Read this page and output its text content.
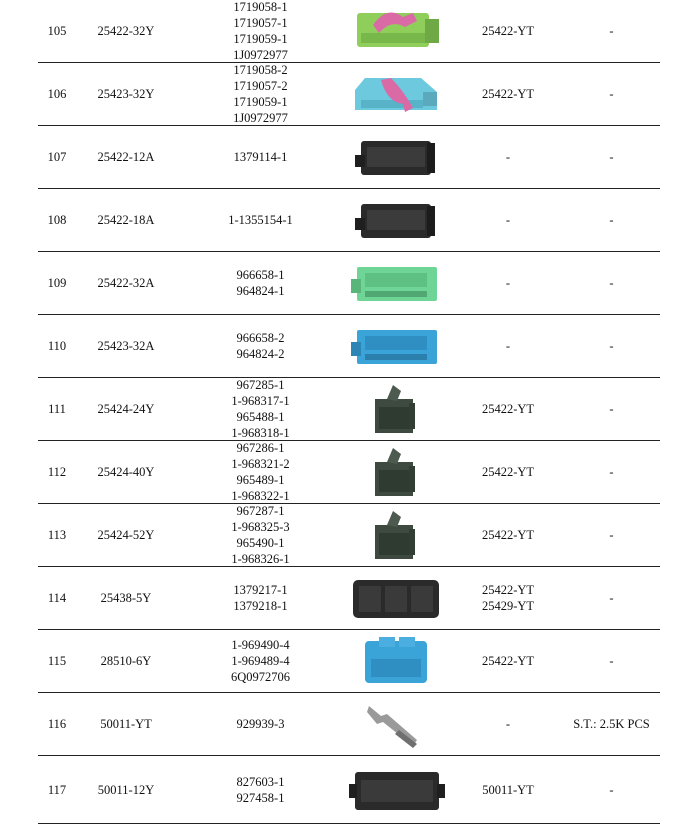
105	25422-32Y
1719058-1
1719057-1
1719059-1
1J0972977
25422-YT	-
106	25423-32Y
1719058-2
1719057-2
1719059-1
1J0972977
25422-YT	-
107	25422-12A	1379114-1	-	-
108	25422-18A	1-1355154-1	-	-
109	25422-32A
966658-1
964824-1
-	-
110	25423-32A
966658-2
964824-2
-	-
111	25424-24Y
967285-1
1-968317-1
965488-1
1-968318-1
25422-YT	-
112	25424-40Y
967286-1
1-968321-2
965489-1
1-968322-1
25422-YT	-
113	25424-52Y
967287-1
1-968325-3
965490-1
1-968326-1
25422-YT	-
114	25438-5Y
1379217-1
1379218-1
25422-YT
25429-YT
-
115	28510-6Y
1-969490-4
1-969489-4
6Q0972706
25422-YT	-
116	50011-YT	929939-3	-	S.T.: 2.5K PCS
117	50011-12Y
827603-1
927458-1
50011-YT	-
